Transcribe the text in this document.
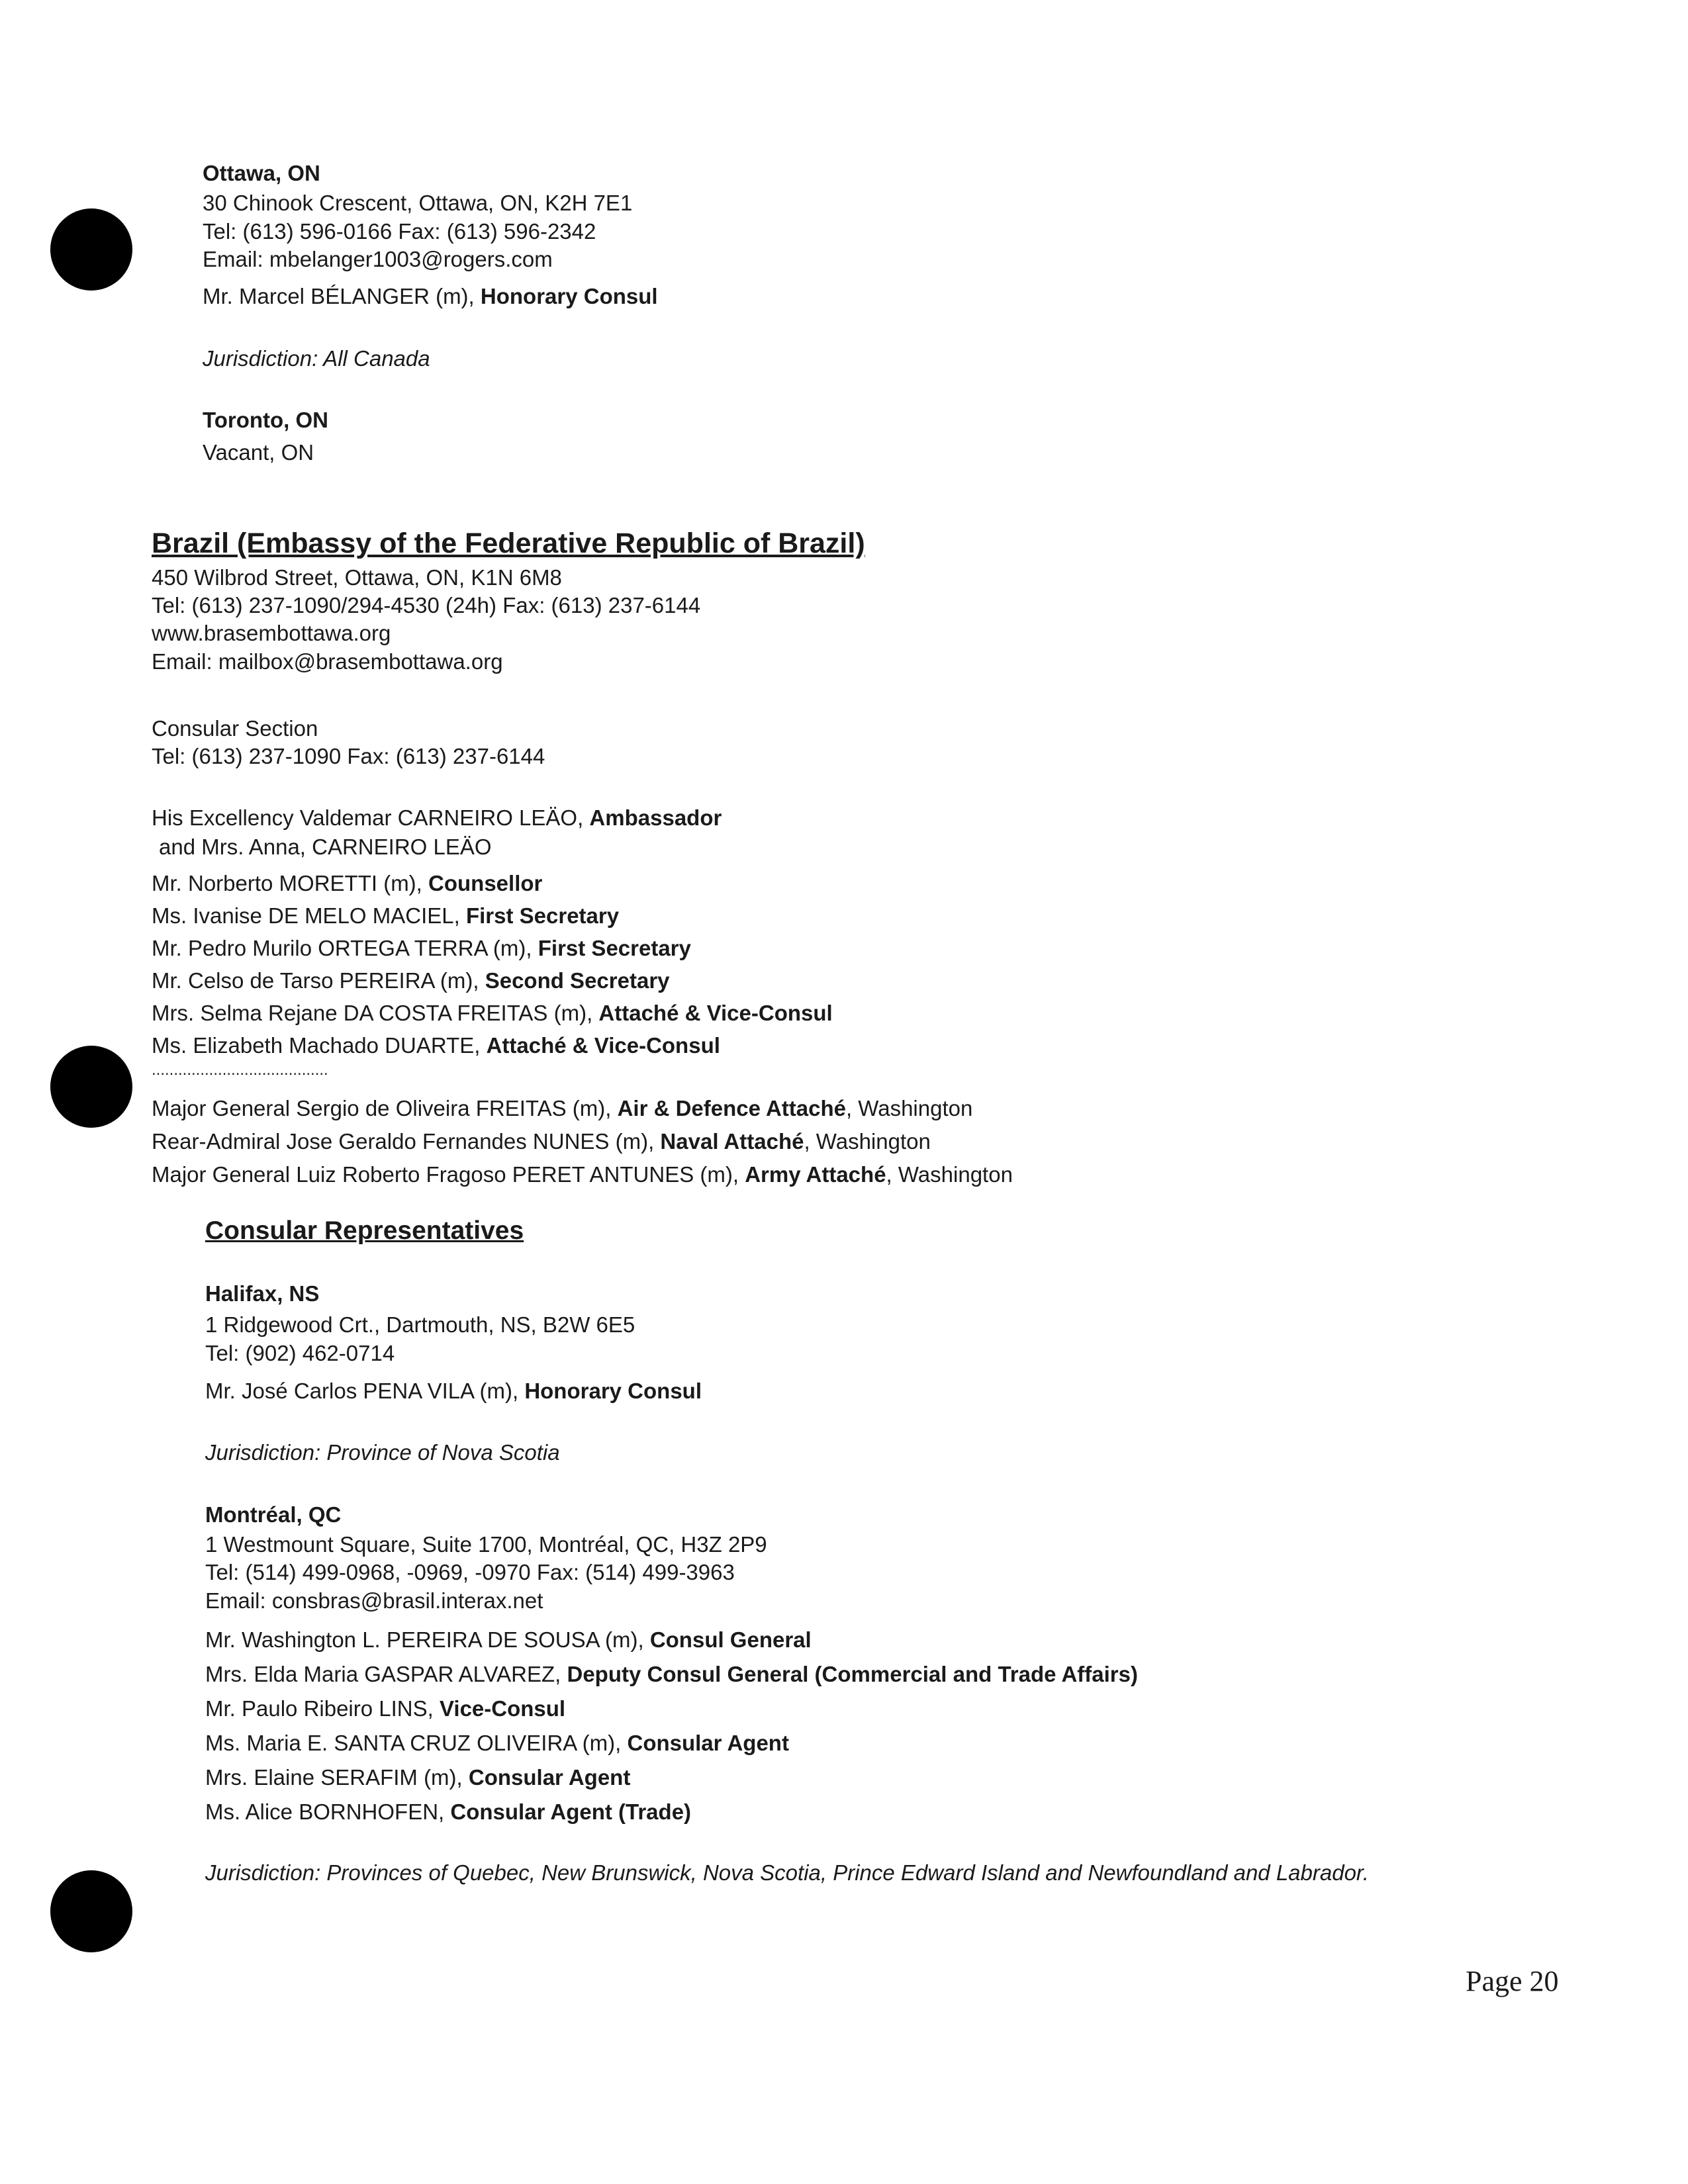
Ottawa, ON
30 Chinook Crescent, Ottawa, ON, K2H 7E1
Tel: (613) 596-0166 Fax: (613) 596-2342
Email: mbelanger1003@rogers.com
Mr. Marcel BÉLANGER (m), Honorary Consul
Jurisdiction: All Canada
Toronto, ON
Vacant, ON
Brazil (Embassy of the Federative Republic of Brazil)
450 Wilbrod Street, Ottawa, ON, K1N 6M8
Tel: (613) 237-1090/294-4530 (24h) Fax: (613) 237-6144
www.brasembottawa.org
Email: mailbox@brasembottawa.org
Consular Section
Tel: (613) 237-1090 Fax: (613) 237-6144
His Excellency Valdemar CARNEIRO LEÄO, Ambassador
and Mrs. Anna, CARNEIRO LEÄO
Mr. Norberto MORETTI (m), Counsellor
Ms. Ivanise DE MELO MACIEL, First Secretary
Mr. Pedro Murilo ORTEGA TERRA (m), First Secretary
Mr. Celso de Tarso PEREIRA (m), Second Secretary
Mrs. Selma Rejane DA COSTA FREITAS (m), Attaché & Vice-Consul
Ms. Elizabeth Machado DUARTE, Attaché & Vice-Consul
........................................
Major General Sergio de Oliveira FREITAS (m), Air & Defence Attaché, Washington
Rear-Admiral Jose Geraldo Fernandes NUNES (m), Naval Attaché, Washington
Major General Luiz Roberto Fragoso PERET ANTUNES (m), Army Attaché, Washington
Consular Representatives
Halifax, NS
1 Ridgewood Crt., Dartmouth, NS, B2W 6E5
Tel: (902) 462-0714
Mr. José Carlos PENA VILA (m), Honorary Consul
Jurisdiction: Province of Nova Scotia
Montréal, QC
1 Westmount Square, Suite 1700, Montréal, QC, H3Z 2P9
Tel: (514) 499-0968, -0969, -0970 Fax: (514) 499-3963
Email: consbras@brasil.interax.net
Mr. Washington L. PEREIRA DE SOUSA (m), Consul General
Mrs. Elda Maria GASPAR ALVAREZ, Deputy Consul General (Commercial and Trade Affairs)
Mr. Paulo Ribeiro LINS, Vice-Consul
Ms. Maria E. SANTA CRUZ OLIVEIRA (m), Consular Agent
Mrs. Elaine SERAFIM (m), Consular Agent
Ms. Alice BORNHOFEN, Consular Agent (Trade)
Jurisdiction: Provinces of Quebec, New Brunswick, Nova Scotia, Prince Edward Island and Newfoundland and Labrador.
Page 20
